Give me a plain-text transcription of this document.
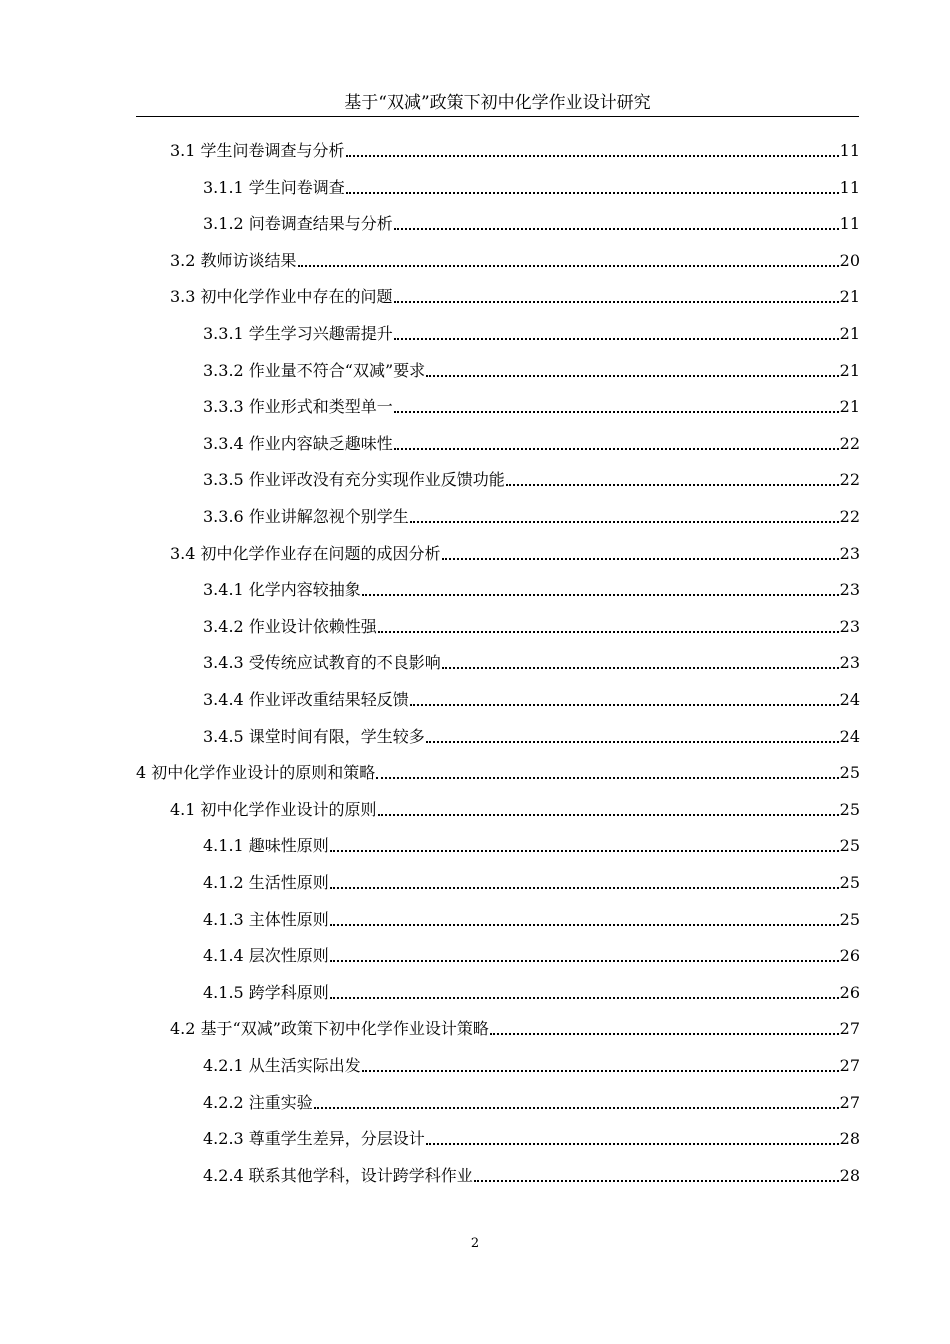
基于“双减”政策下初中化学作业设计研究
3.1 学生问卷调查与分析	11
3.1.1 学生问卷调查	11
3.1.2 问卷调查结果与分析	11
3.2 教师访谈结果	20
3.3 初中化学作业中存在的问题	21
3.3.1 学生学习兴趣需提升	21
3.3.2 作业量不符合“双减”要求	21
3.3.3 作业形式和类型单一	21
3.3.4 作业内容缺乏趣味性	22
3.3.5 作业评改没有充分实现作业反馈功能	22
3.3.6 作业讲解忽视个别学生	22
3.4 初中化学作业存在问题的成因分析	23
3.4.1 化学内容较抽象	23
3.4.2 作业设计依赖性强	23
3.4.3 受传统应试教育的不良影响	23
3.4.4 作业评改重结果轻反馈	24
3.4.5 课堂时间有限，学生较多	24
4 初中化学作业设计的原则和策略	25
4.1 初中化学作业设计的原则	25
4.1.1 趣味性原则	25
4.1.2 生活性原则	25
4.1.3 主体性原则	25
4.1.4 层次性原则	26
4.1.5 跨学科原则	26
4.2 基于“双减”政策下初中化学作业设计策略	27
4.2.1 从生活实际出发	27
4.2.2 注重实验	27
4.2.3 尊重学生差异，分层设计	28
4.2.4 联系其他学科，设计跨学科作业	28
2
